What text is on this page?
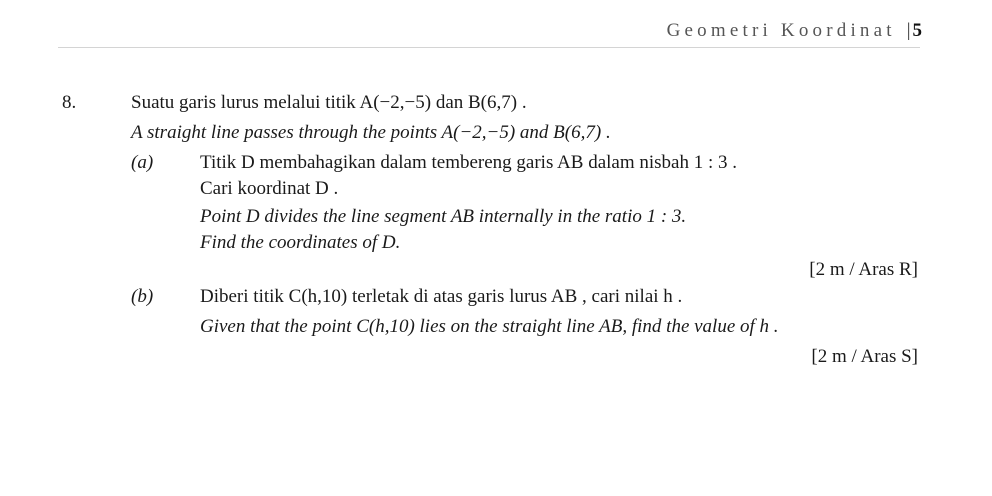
Geometri Koordinat | 5
8.	Suatu garis lurus melalui titik A(−2,−5) dan B(6,7) .
A straight line passes through the points A(−2,−5) and B(6,7) .
(a) Titik D membahagikan dalam tembereng garis AB dalam nisbah 1 : 3 .
Cari koordinat D .
Point D divides the line segment AB internally in the ratio 1 : 3.
Find the coordinates of D.
[2 m / Aras R]
(b) Diberi titik C(h,10) terletak di atas garis lurus AB , cari nilai h .
Given that the point C(h,10) lies on the straight line AB, find the value of h .
[2 m / Aras S]
